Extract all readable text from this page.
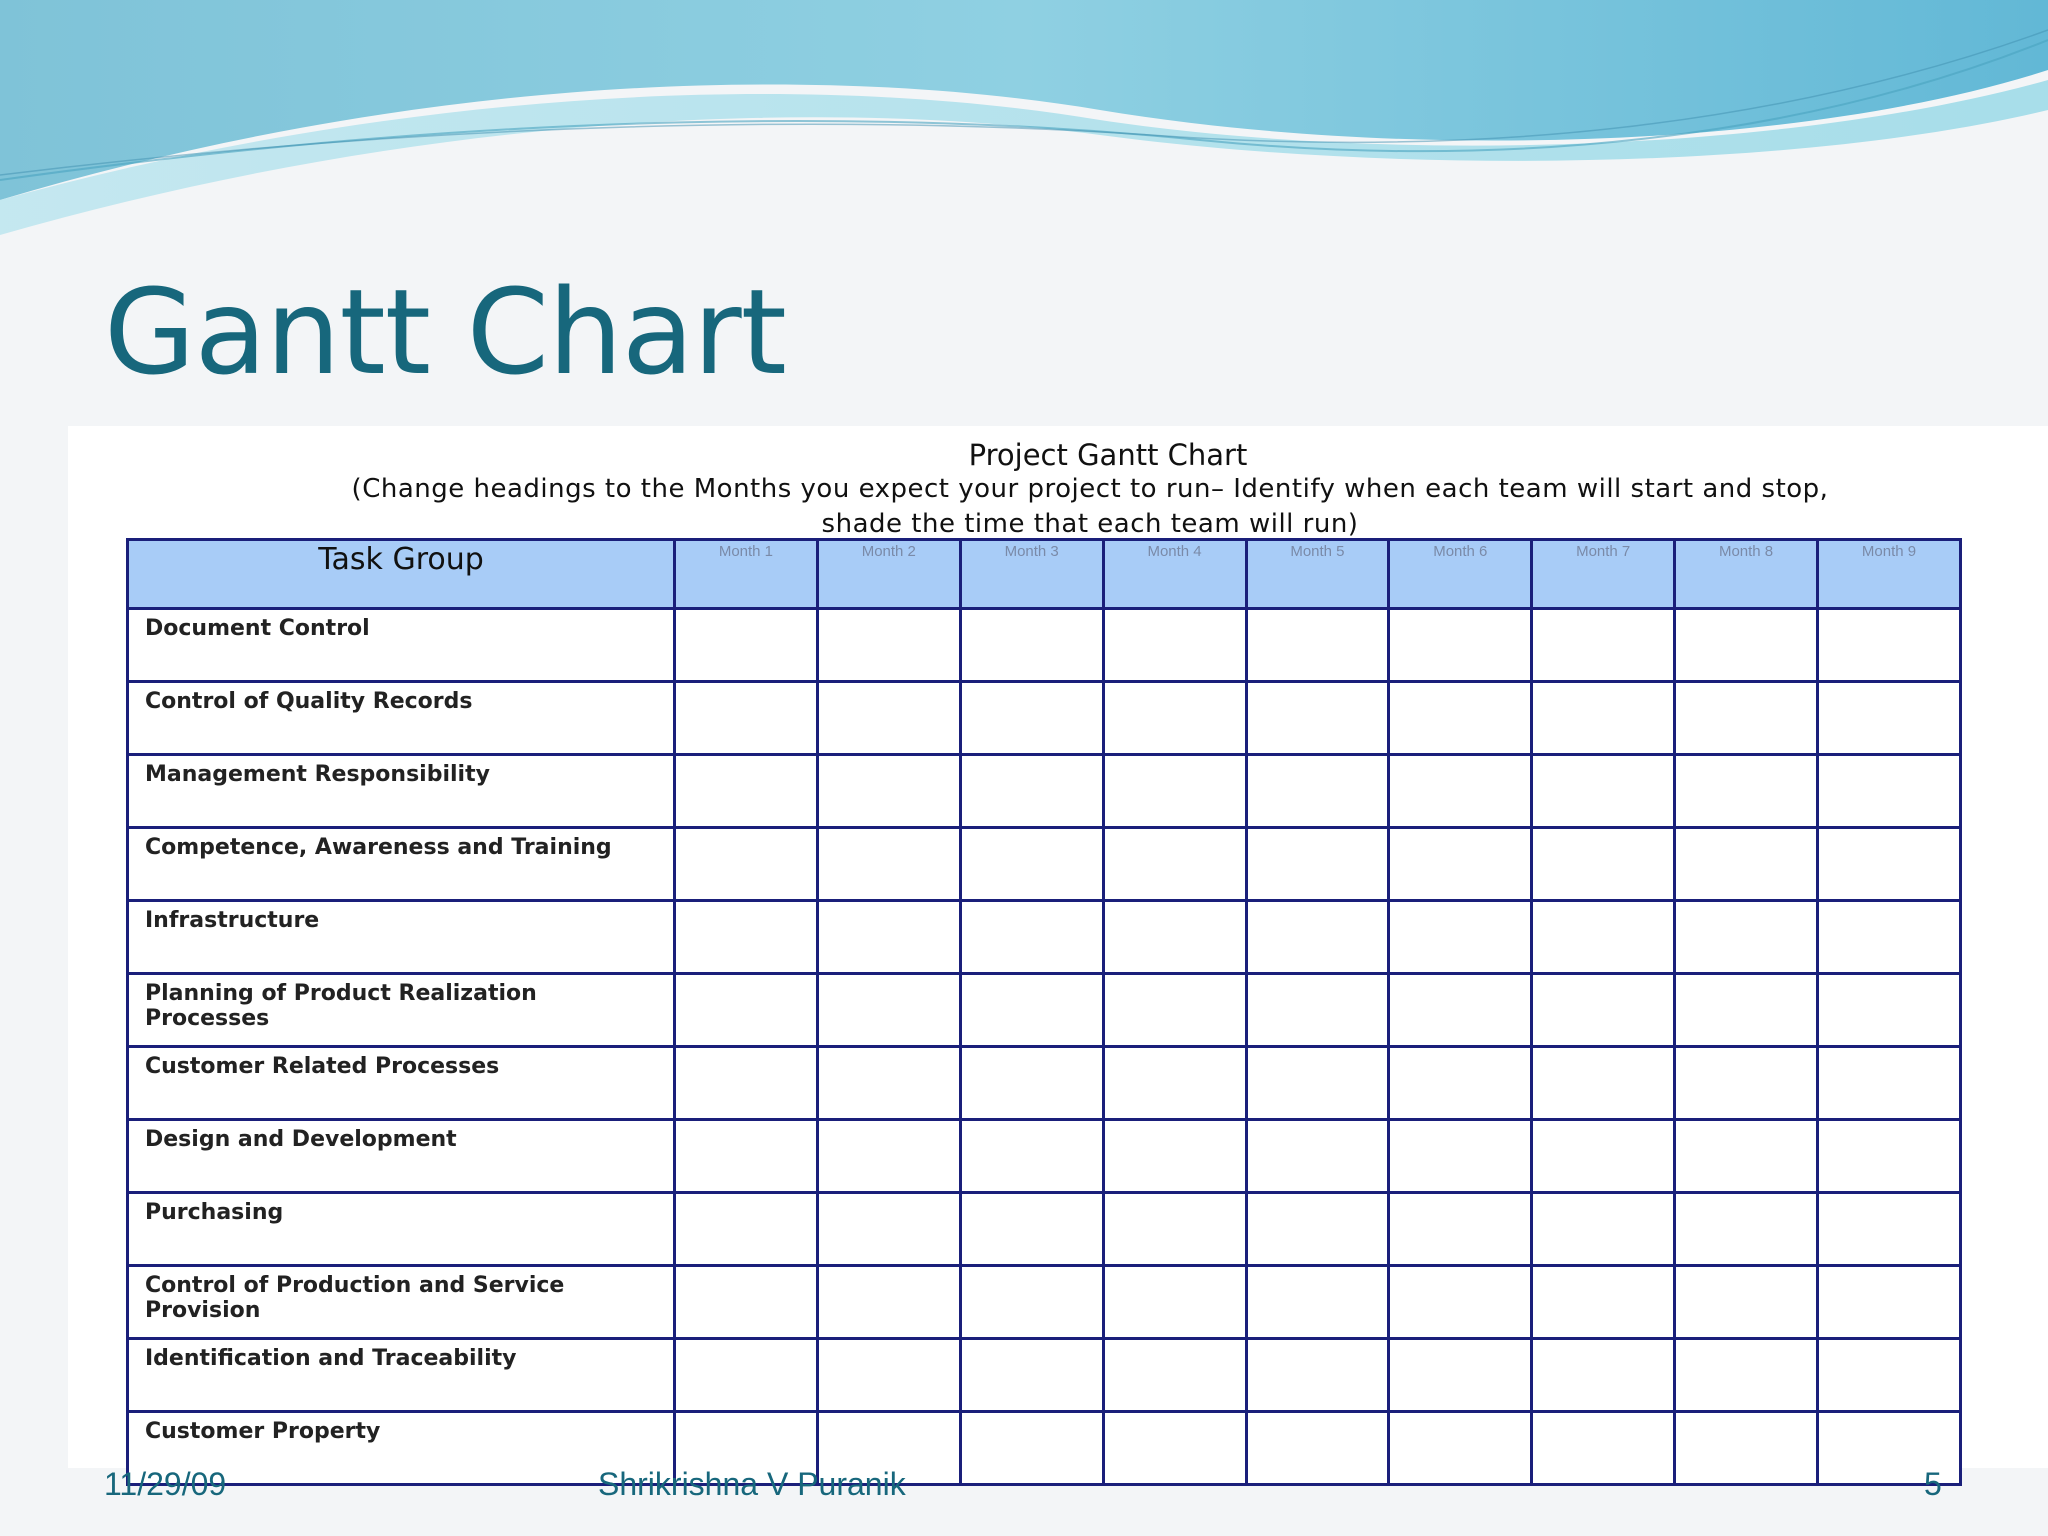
Gantt Chart
Project Gantt Chart
(Change headings to the Months you expect your project to run– Identify when each team will start and stop,
shade the time that each team will run)
Task Group	Month 1	Month 2	Month 3	Month 4	Month 5	Month 6	Month 7	Month 8	Month 9
Document Control									
Control of Quality Records									
Management Responsibility									
Competence, Awareness and Training									
Infrastructure									
Planning of Product Realization Processes									
Customer Related Processes									
Design and Development									
Purchasing									
Control of Production and Service Provision									
Identification and Traceability									
Customer Property									
11/29/09	Shrikrishna V Puranik	5
